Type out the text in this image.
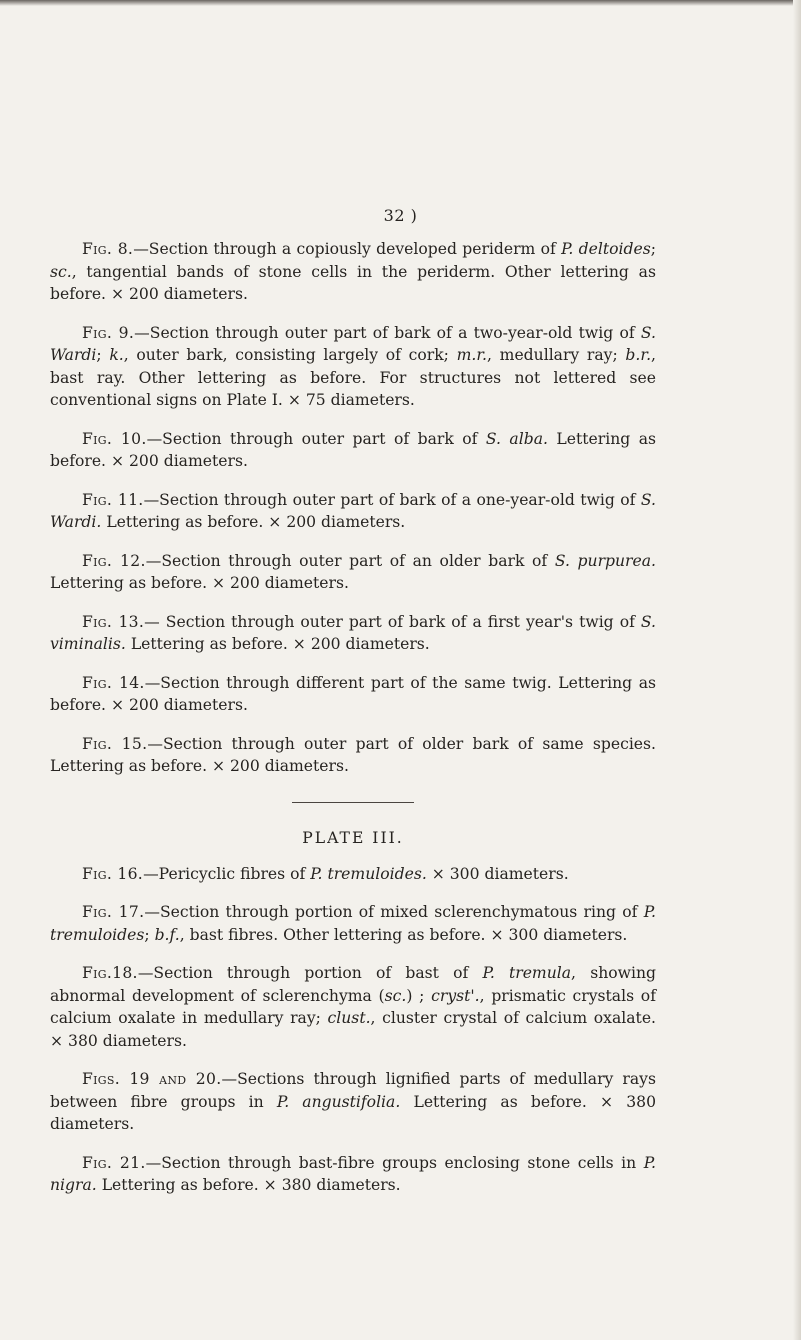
32 )

Fig. 8.—Section through a copiously developed periderm of P. deltoides; sc., tangential bands of stone cells in the periderm. Other lettering as before. × 200 diameters.

Fig. 9.—Section through outer part of bark of a two-year-old twig of S. Wardi; k., outer bark, consisting largely of cork; m.r., medullary ray; b.r., bast ray. Other lettering as before. For structures not lettered see conventional signs on Plate I. × 75 diameters.

Fig. 10.—Section through outer part of bark of S. alba. Lettering as before. × 200 diameters.

Fig. 11.—Section through outer part of bark of a one-year-old twig of S. Wardi. Lettering as before. × 200 diameters.

Fig. 12.—Section through outer part of an older bark of S. purpurea. Lettering as before. × 200 diameters.

Fig. 13.— Section through outer part of bark of a first year's twig of S. viminalis. Lettering as before. × 200 diameters.

Fig. 14.—Section through different part of the same twig. Lettering as before. × 200 diameters.

Fig. 15.—Section through outer part of older bark of same species. Lettering as before. × 200 diameters.

PLATE III.

Fig. 16.—Pericyclic fibres of P. tremuloides. × 300 diameters.

Fig. 17.—Section through portion of mixed sclerenchymatous ring of P. tremuloides; b.f., bast fibres. Other lettering as before. × 300 diameters.

Fig.18.—Section through portion of bast of P. tremula, showing abnormal development of sclerenchyma (sc.) ; cryst'., prismatic crystals of calcium oxalate in medullary ray; clust., cluster crystal of calcium oxalate. × 380 diameters.

Figs. 19 and 20.—Sections through lignified parts of medullary rays between fibre groups in P. angustifolia. Lettering as before. × 380 diameters.

Fig. 21.—Section through bast-fibre groups enclosing stone cells in P. nigra. Lettering as before. × 380 diameters.
